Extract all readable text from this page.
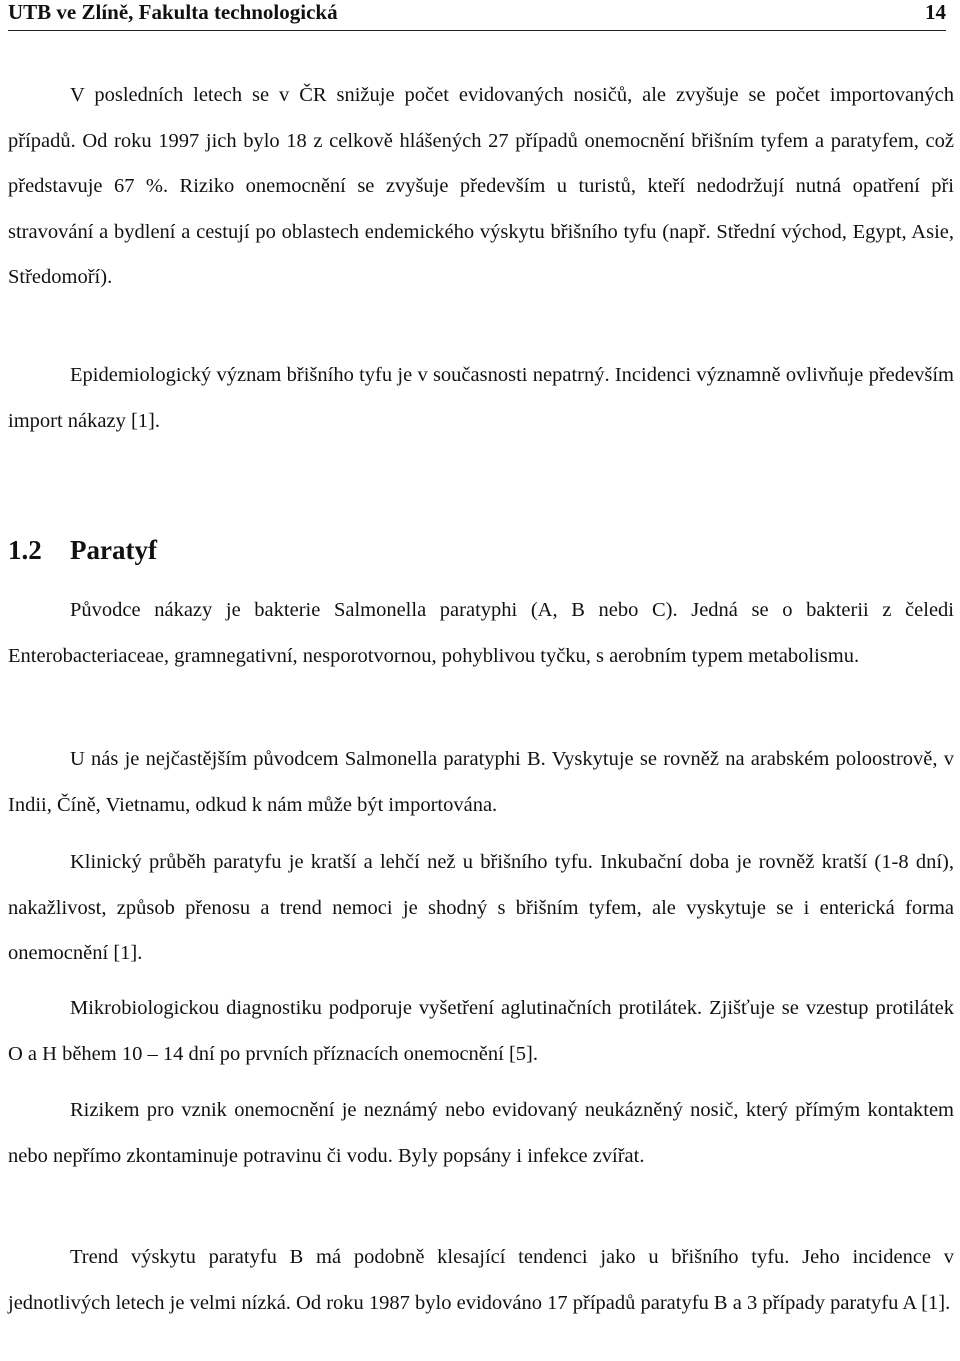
UTB ve Zlíně, Fakultа technologická	14

V posledních letech se v ČR snižuje počet evidovaných nosičů, ale zvyšuje se počet importovaných případů. Od roku 1997 jich bylo 18 z celkově hlášených 27 případů onemocnění břišním tyfem a paratyfem, což představuje 67 %. Riziko onemocnění se zvyšuje především u turistů, kteří nedodržují nutná opatření při stravování a bydlení a cestují po oblastech endemického výskytu břišního tyfu (např. Střední východ, Egypt, Asie, Středomoří).

Epidemiologický význam břišního tyfu je v současnosti nepatrný. Incidenci významně ovlivňuje především import nákazy [1].

1.2 Paratyf

Původce nákazy je bakterie Salmonella paratyphi (A, B nebo C). Jedná se o bakterii z čeledi Enterobacteriaceae, gramnegativní, nesporotvornou, pohyblivou tyčku, s aerobním typem metabolismu.

U nás je nejčastějším původcem Salmonella paratyphi B. Vyskytuje se rovněž na arabském poloostrově, v Indii, Číně, Vietnamu, odkud k nám může být importována.

Klinický průběh paratyfu je kratší a lehčí než u břišního tyfu. Inkubační doba je rovněž kratší (1-8 dní), nakažlivost, způsob přenosu a trend nemoci je shodný s břišním tyfem, ale vyskytuje se i enterická forma onemocnění [1].

Mikrobiologickou diagnostiku podporuje vyšetření aglutinačních protilátek. Zjišťuje se vzestup protilátek O a H během 10 – 14 dní po prvních příznacích onemocnění [5].

Rizikem pro vznik onemocnění je neznámý nebo evidovaný neukázněný nosič, který přímým kontaktem nebo nepřímo zkontaminuje potravinu či vodu. Byly popsány i infekce zvířat.

Trend výskytu paratyfu B má podobně klesající tendenci jako u břišního tyfu. Jeho incidence v jednotlivých letech je velmi nízká. Od roku 1987 bylo evidováno 17 případů paratyfu B a 3 případy paratyfu A [1].
